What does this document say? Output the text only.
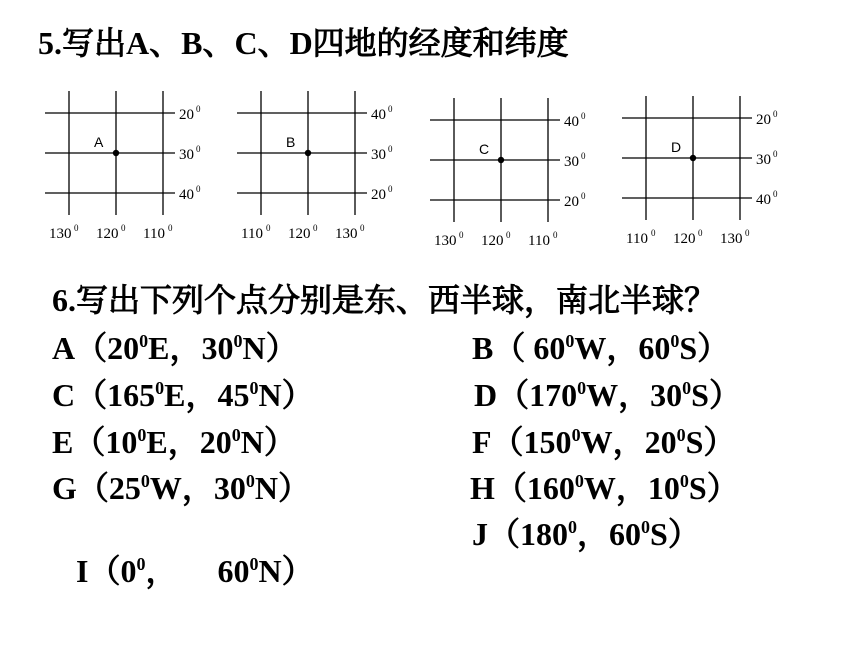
5.写出A、B、C、D四地的经度和纬度
20 0
30 0
40 0
130 0 120 0 110 0
A
40 0
30 0
20 0
110 0 120 0 130 0
B
40 0
30 0
20 0
130 0 120 0 110 0
C
20 0
30 0
40 0
110 0 120 0 130 0
D
6.写出下列个点分别是东、西半球，南北半球？
$A(20^0E$，$30^0N$）	B（ $60^0W$，$60^0S$）
$C(165^0E$，$45^0N$）	$D(170^0W$，$30^0S$）
$E(10^0E$，$20^0N$）	$F(150^0W$，$20^0S$）
$G(25^0W$，$30^0N$）	$H(160^0W$，$10^0S$）

$I(0^0$，     $60^0N$）

$J(180^0$，$60^0S$）
